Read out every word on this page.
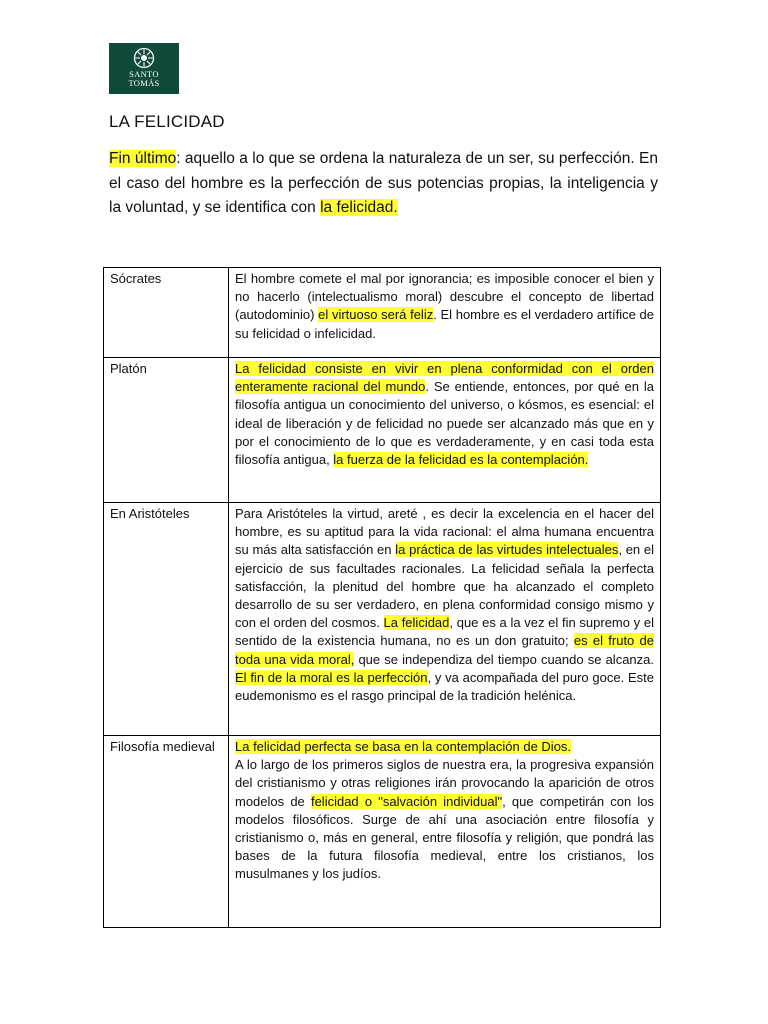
SANTO
TOMÁS
LA FELICIDAD
Fin último: aquello a lo que se ordena la naturaleza de un ser, su perfección. En el caso del hombre es la perfección de sus potencias propias, la inteligencia y la voluntad, y se identifica con la felicidad.
Sócrates	El hombre comete el mal por ignorancia; es imposible conocer el bien y no hacerlo (intelectualismo moral) descubre el concepto de libertad (autodominio) el virtuoso será feliz. El hombre es el verdadero artífice de su felicidad o infelicidad.
Platón	La felicidad consiste en vivir en plena conformidad con el orden enteramente racional del mundo. Se entiende, entonces, por qué en la filosofía antigua un conocimiento del universo, o kósmos, es esencial: el ideal de liberación y de felicidad no puede ser alcanzado más que en y por el conocimiento de lo que es verdaderamente, y en casi toda esta filosofía antigua, la fuerza de la felicidad es la contemplación.
En Aristóteles	Para Aristóteles la virtud, areté , es decir la excelencia en el hacer del hombre, es su aptitud para la vida racional: el alma humana encuentra su más alta satisfacción en la práctica de las virtudes intelectuales, en el ejercicio de sus facultades racionales. La felicidad señala la perfecta satisfacción, la plenitud del hombre que ha alcanzado el completo desarrollo de su ser verdadero, en plena conformidad consigo mismo y con el orden del cosmos. La felicidad, que es a la vez el fin supremo y el sentido de la existencia humana, no es un don gratuito; es el fruto de toda una vida moral, que se independiza del tiempo cuando se alcanza. El fin de la moral es la perfección, y va acompañada del puro goce. Este eudemonismo es el rasgo principal de la tradición helénica.
Filosofía medieval	La felicidad perfecta se basa en la contemplación de Dios.
A lo largo de los primeros siglos de nuestra era, la progresiva expansión del cristianismo y otras religiones irán provocando la aparición de otros modelos de felicidad o "salvación individual", que competirán con los modelos filosóficos. Surge de ahí una asociación entre filosofía y cristianismo o, más en general, entre filosofía y religión, que pondrá las bases de la futura filosofía medieval, entre los cristianos, los musulmanes y los judíos.
